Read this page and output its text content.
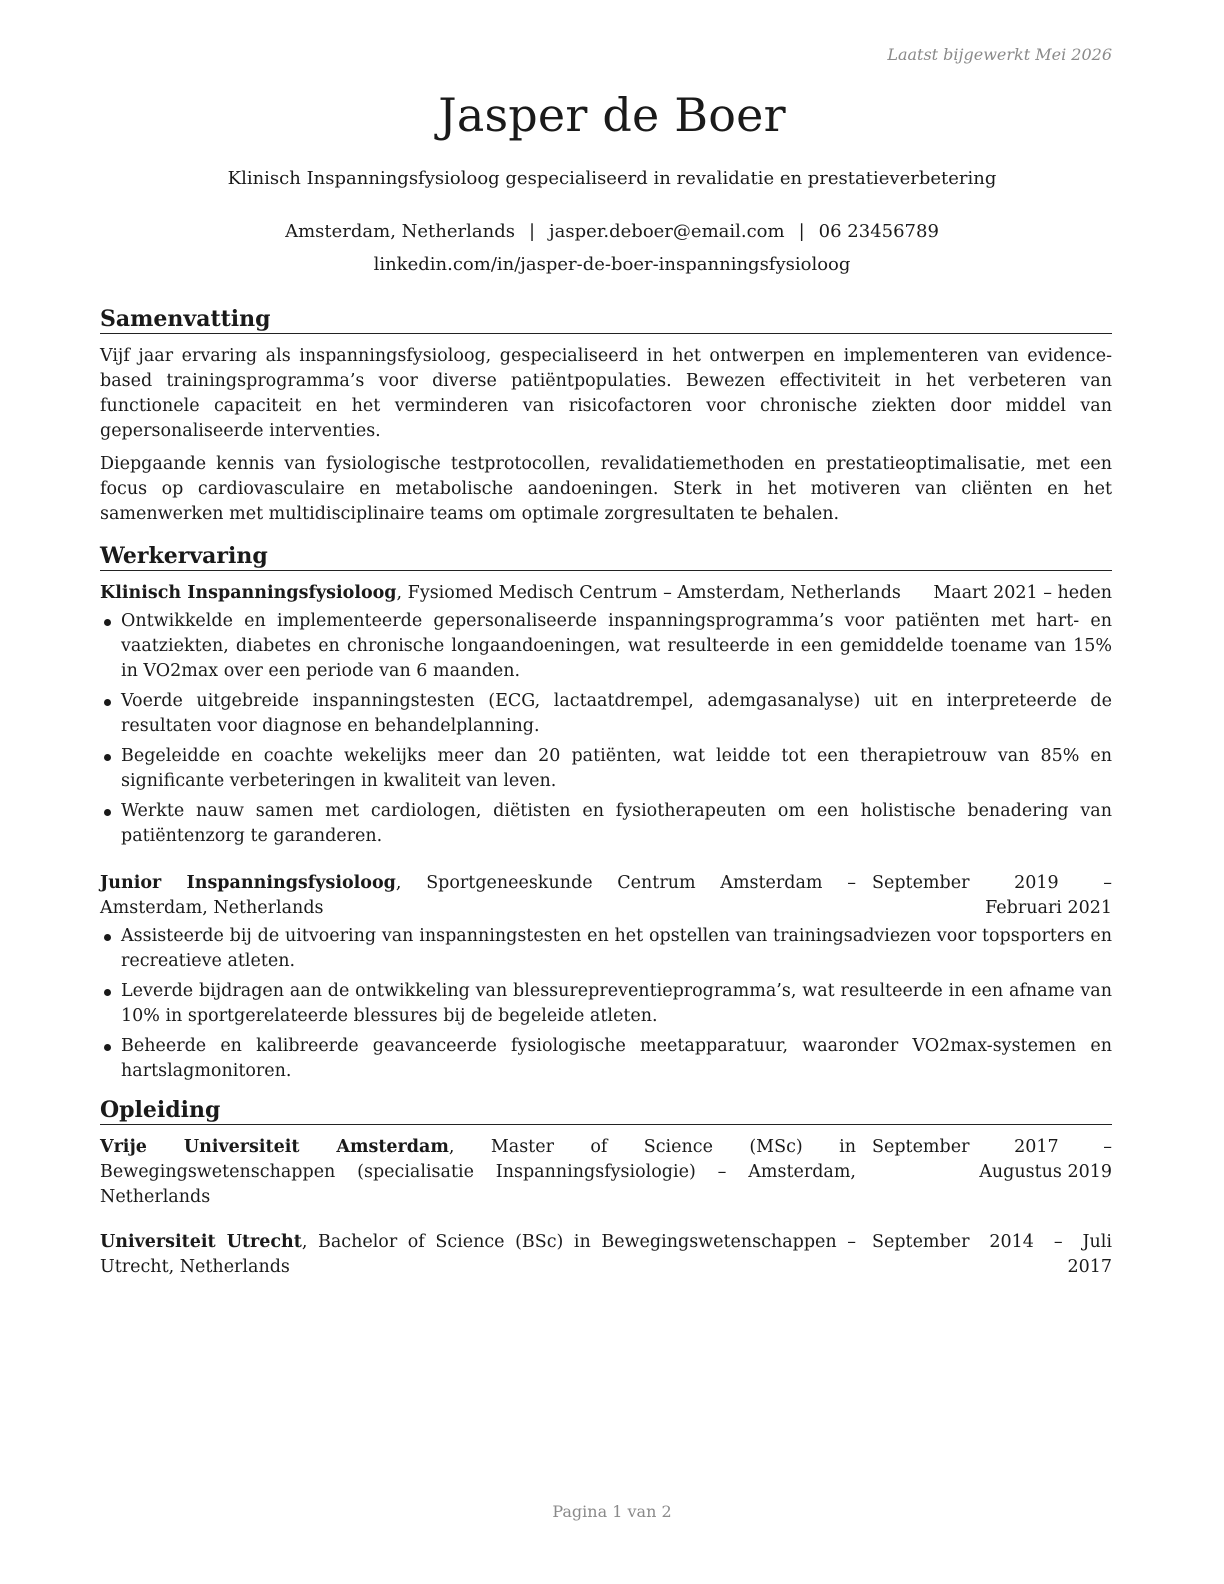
Laatst bijgewerkt Mei 2026
Jasper de Boer
Klinisch Inspanningsfysioloog gespecialiseerd in revalidatie en prestatieverbetering
Amsterdam, Netherlands | jasper.deboer@email.com | 06 23456789
linkedin.com/in/jasper-de-boer-inspanningsfysioloog
Samenvatting

Vijf jaar ervaring als inspanningsfysioloog, gespecialiseerd in het ontwerpen en implementeren van evidence-based trainingsprogramma’s voor diverse patiëntpopulaties. Bewezen effectiviteit in het verbeteren van functionele capaciteit en het verminderen van risicofactoren voor chronische ziekten door middel van gepersonaliseerde interventies.

Diepgaande kennis van fysiologische testprotocollen, revalidatiemethoden en prestatieoptimalisatie, met een focus op cardiovasculaire en metabolische aandoeningen. Sterk in het motiveren van cliënten en het samenwerken met multidisciplinaire teams om optimale zorgresultaten te behalen.

Werkervaring
Klinisch Inspanningsfysioloog, Fysiomed Medisch Centrum – Amsterdam, Netherlands	Maart 2021 – heden
Ontwikkelde en implementeerde gepersonaliseerde inspanningsprogramma’s voor patiënten met hart- en vaatziekten, diabetes en chronische longaandoeningen, wat resulteerde in een gemiddelde toename van 15% in VO2max over een periode van 6 maanden.
Voerde uitgebreide inspanningstesten (ECG, lactaatdrempel, ademgasanalyse) uit en interpreteerde de resultaten voor diagnose en behandelplanning.
Begeleidde en coachte wekelijks meer dan 20 patiënten, wat leidde tot een therapietrouw van 85% en significante verbeteringen in kwaliteit van leven.
Werkte nauw samen met cardiologen, diëtisten en fysiotherapeuten om een holistische benadering van patiëntenzorg te garanderen.
Junior Inspanningsfysioloog, Sportgeneeskunde Centrum Amsterdam – Amsterdam, Netherlands
September 2019 – Februari 2021
Assisteerde bij de uitvoering van inspanningstesten en het opstellen van trainingsadviezen voor topsporters en recreatieve atleten.
Leverde bijdragen aan de ontwikkeling van blessurepreventieprogramma’s, wat resulteerde in een afname van 10% in sportgerelateerde blessures bij de begeleide atleten.
Beheerde en kalibreerde geavanceerde fysiologische meetapparatuur, waaronder VO2max-systemen en hartslagmonitoren.
Opleiding
Vrije Universiteit Amsterdam, Master of Science (MSc) in Bewegingswetenschappen (specialisatie Inspanningsfysiologie) – Amsterdam, Netherlands
September 2017 – Augustus 2019
Universiteit Utrecht, Bachelor of Science (BSc) in Bewegingswetenschappen – Utrecht, Netherlands
September 2014 – Juli 2017
Pagina 1 van 2
